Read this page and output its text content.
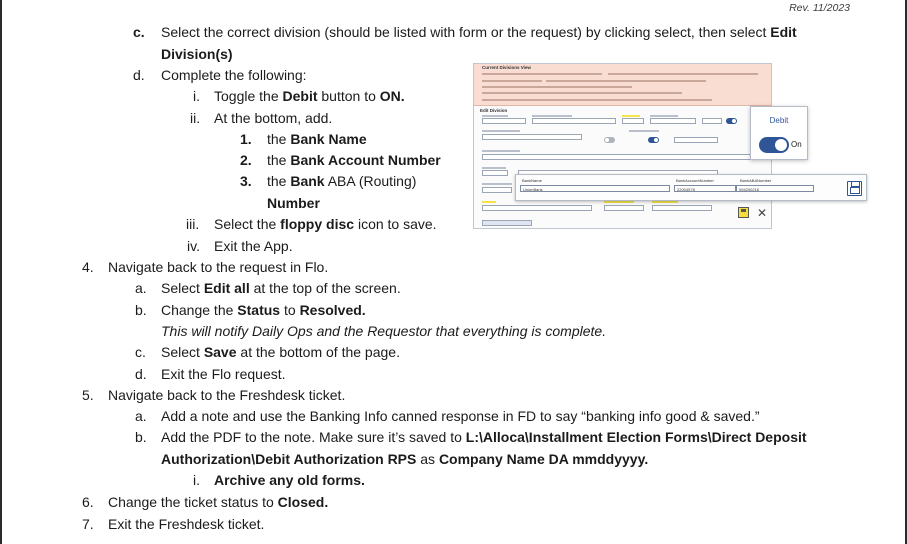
Rev. 11/2023
c. Select the correct division (should be listed with form or the request) by clicking select, then select Edit
Division(s)
d. Complete the following:
i. Toggle the Debit button to ON.
ii. At the bottom, add.
1. the Bank Name
2. the Bank Account Number
3. the Bank ABA (Routing)
Number
iii. Select the floppy disc icon to save.
iv. Exit the App.
4. Navigate back to the request in Flo.
a. Select Edit all at the top of the screen.
b. Change the Status to Resolved.
This will notify Daily Ops and the Requestor that everything is complete.
c. Select Save at the bottom of the page.
d. Exit the Flo request.
5. Navigate back to the Freshdesk ticket.
a. Add a note and use the Banking Info canned response in FD to say “banking info good & saved.”
b. Add the PDF to the note. Make sure it’s saved to L:\Alloca\Installment Election Forms\Direct Deposit
Authorization\Debit Authorization RPS as Company Name DA mmddyyyy.
i. Archive any old forms.
6. Change the ticket status to Closed.
7. Exit the Freshdesk ticket.
Current Divisions View
Edit Division
✕
BankName
UnionBank
BankAccountNumber
22004578
BankABANumber
094200216
Debit
On
